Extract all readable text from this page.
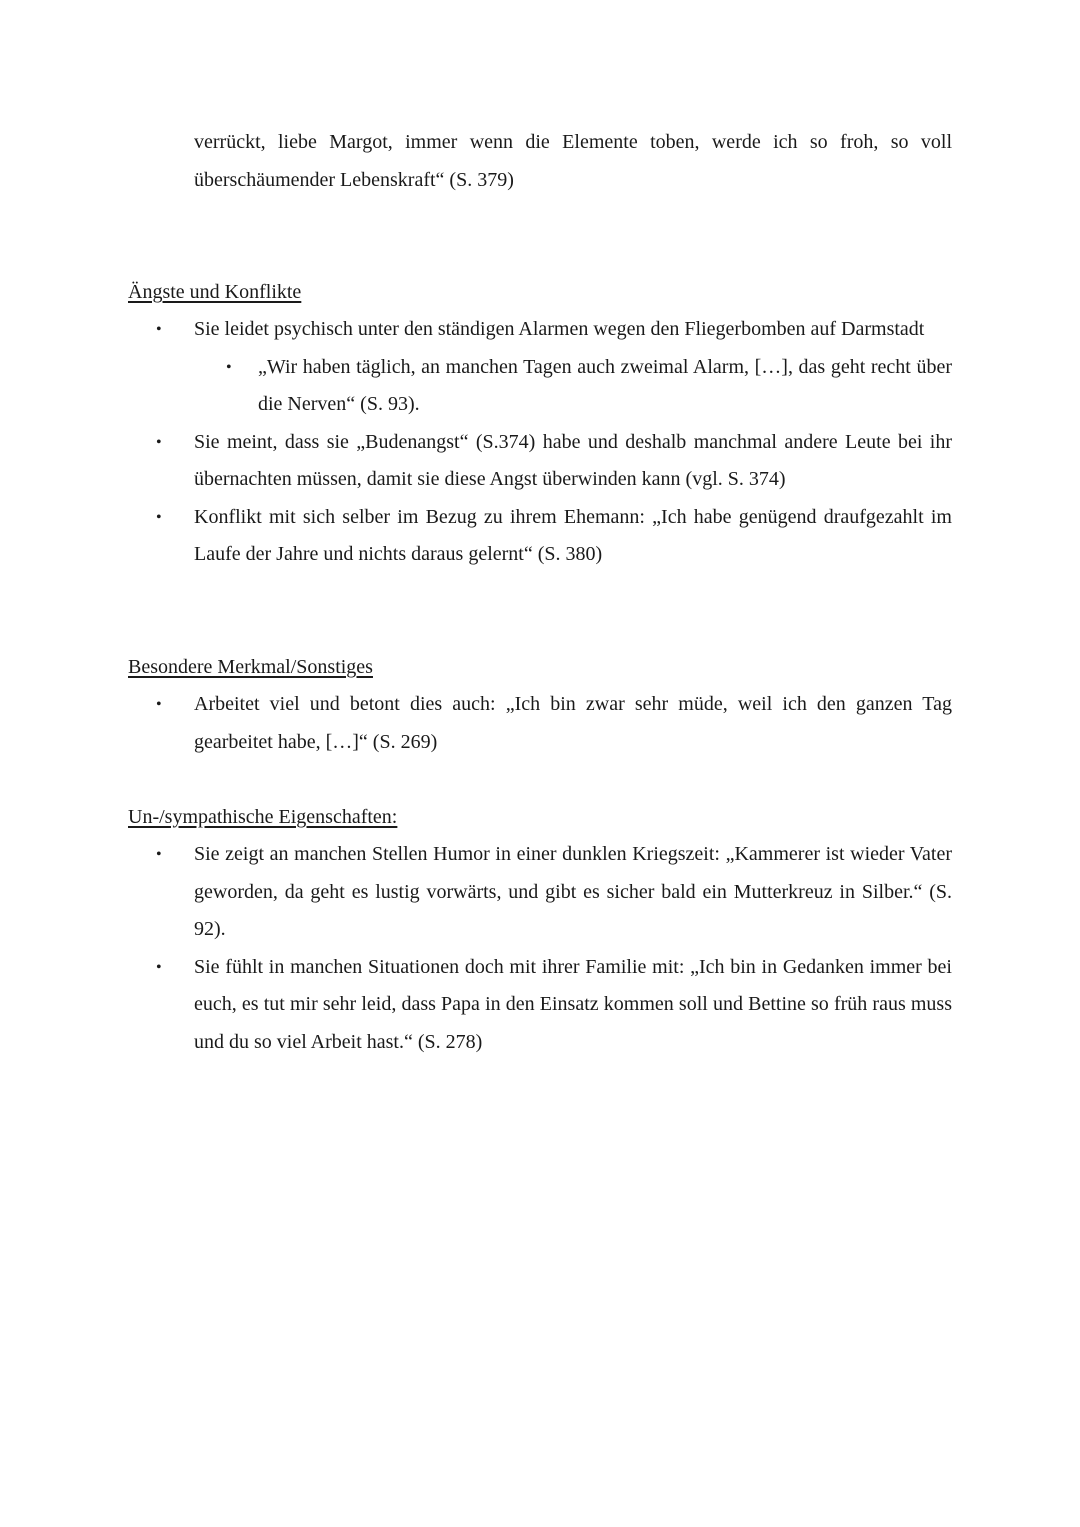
verrückt, liebe Margot, immer wenn die Elemente toben, werde ich so froh, so voll überschäumender Lebenskraft“ (S. 379)

Ängste und Konflikte
• Sie leidet psychisch unter den ständigen Alarmen wegen den Fliegerbomben auf Darmstadt
• „Wir haben täglich, an manchen Tagen auch zweimal Alarm, […], das geht recht über die Nerven“ (S. 93).
• Sie meint, dass sie „Budenangst“ (S.374) habe und deshalb manchmal andere Leute bei ihr übernachten müssen, damit sie diese Angst überwinden kann (vgl. S. 374)
• Konflikt mit sich selber im Bezug zu ihrem Ehemann: „Ich habe genügend draufgezahlt im Laufe der Jahre und nichts daraus gelernt“ (S. 380)
Besondere Merkmal/Sonstiges
• Arbeitet viel und betont dies auch: „Ich bin zwar sehr müde, weil ich den ganzen Tag gearbeitet habe, […]“ (S. 269)
Un-/sympathische Eigenschaften:
• Sie zeigt an manchen Stellen Humor in einer dunklen Kriegszeit: „Kammerer ist wieder Vater geworden, da geht es lustig vorwärts, und gibt es sicher bald ein Mutterkreuz in Silber.“ (S. 92).
• Sie fühlt in manchen Situationen doch mit ihrer Familie mit: „Ich bin in Gedanken immer bei euch, es tut mir sehr leid, dass Papa in den Einsatz kommen soll und Bettine so früh raus muss und du so viel Arbeit hast.“ (S. 278)
